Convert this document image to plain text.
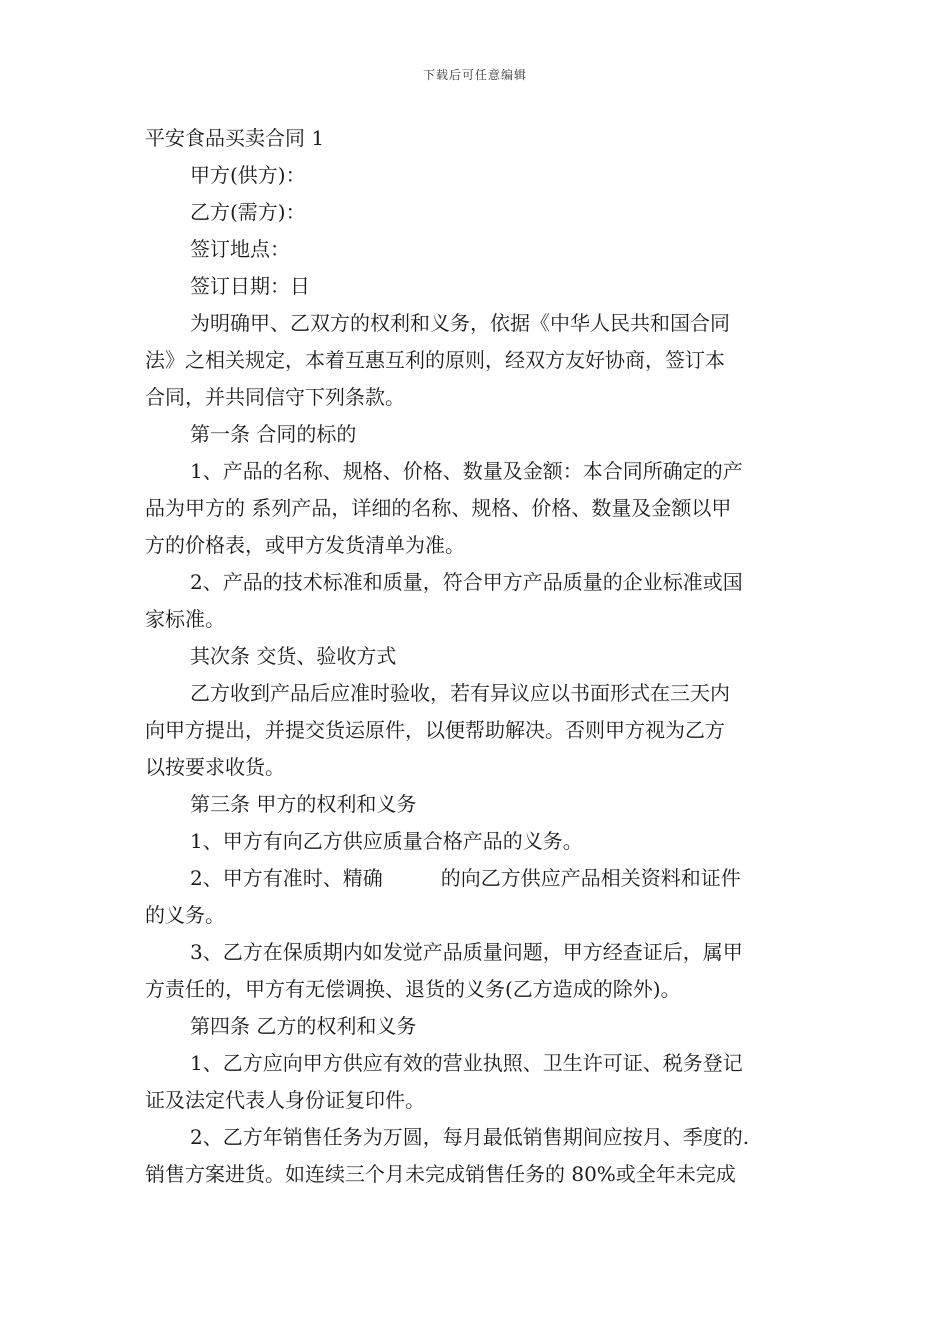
下载后可任意编辑
平安食品买卖合同 1
甲方(供方)：
乙方(需方)：
签订地点：
签订日期：日
为明确甲、乙双方的权利和义务，依据《中华人民共和国合同
法》之相关规定，本着互惠互利的原则，经双方友好协商，签订本
合同，并共同信守下列条款。
第一条 合同的标的
1、产品的名称、规格、价格、数量及金额：本合同所确定的产
品为甲方的 系列产品，详细的名称、规格、价格、数量及金额以甲
方的价格表，或甲方发货清单为准。
2、产品的技术标准和质量，符合甲方产品质量的企业标准或国
家标准。
其次条 交货、验收方式
乙方收到产品后应准时验收，若有异议应以书面形式在三天内
向甲方提出，并提交货运原件，以便帮助解决。否则甲方视为乙方
以按要求收货。
第三条 甲方的权利和义务
1、甲方有向乙方供应质量合格产品的义务。
2、甲方有准时、精确	的向乙方供应产品相关资料和证件
的义务。
3、乙方在保质期内如发觉产品质量问题，甲方经查证后，属甲
方责任的，甲方有无偿调换、退货的义务(乙方造成的除外)。
第四条 乙方的权利和义务
1、乙方应向甲方供应有效的营业执照、卫生许可证、税务登记
证及法定代表人身份证复印件。
2、乙方年销售任务为万圆，每月最低销售期间应按月、季度的.
销售方案进货。如连续三个月未完成销售任务的 80%或全年未完成
